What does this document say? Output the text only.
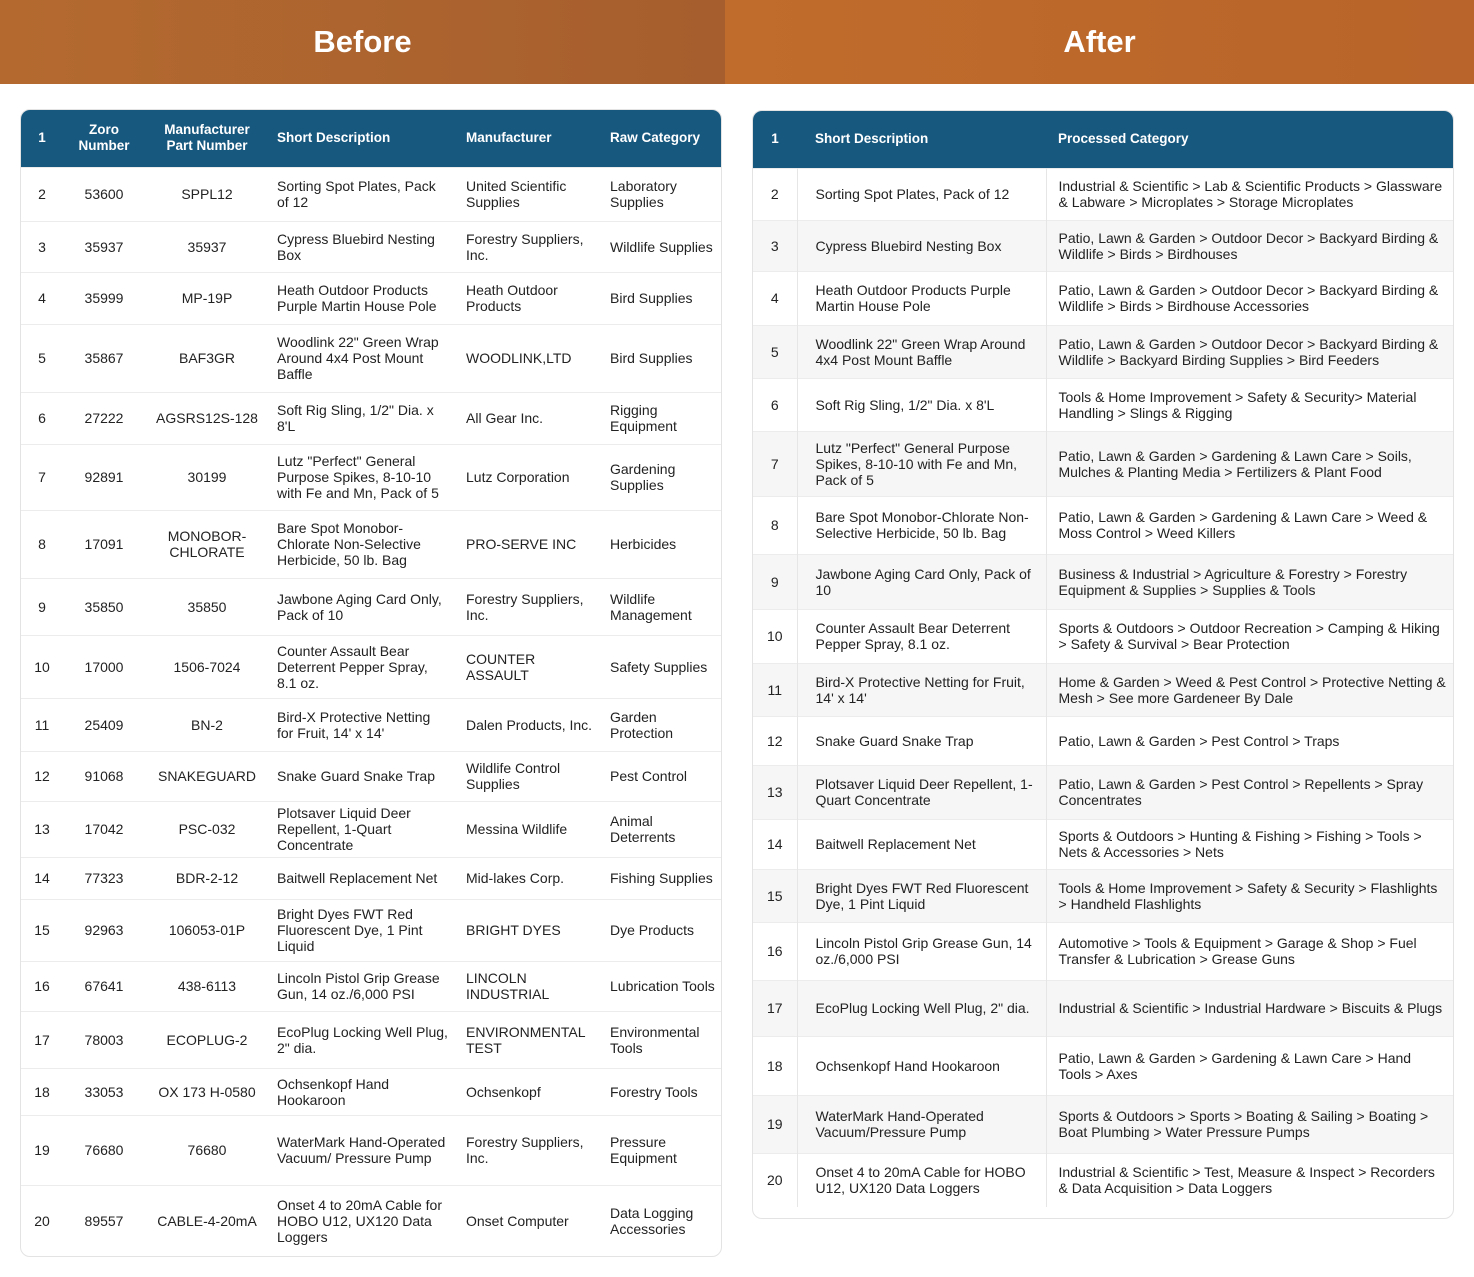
Before	After
1	Zoro Number	Manufacturer Part Number	Short Description	Manufacturer	Raw Category
2	53600	SPPL12	Sorting Spot Plates, Pack of 12	United Scientific Supplies	Laboratory Supplies
3	35937	35937	Cypress Bluebird Nesting Box	Forestry Suppliers, Inc.	Wildlife Supplies
4	35999	MP-19P	Heath Outdoor Products Purple Martin House Pole	Heath Outdoor Products	Bird Supplies
5	35867	BAF3GR	Woodlink 22" Green Wrap Around 4x4 Post Mount Baffle	WOODLINK,LTD	Bird Supplies
6	27222	AGSRS12S-128	Soft Rig Sling, 1/2" Dia. x 8'L	All Gear Inc.	Rigging Equipment
7	92891	30199	Lutz "Perfect" General Purpose Spikes, 8-10-10 with Fe and Mn, Pack of 5	Lutz Corporation	Gardening Supplies
8	17091	MONOBOR-CHLORATE	Bare Spot Monobor-Chlorate Non-Selective Herbicide, 50 lb. Bag	PRO-SERVE INC	Herbicides
9	35850	35850	Jawbone Aging Card Only, Pack of 10	Forestry Suppliers, Inc.	Wildlife Management
10	17000	1506-7024	Counter Assault Bear Deterrent Pepper Spray, 8.1 oz.	COUNTER ASSAULT	Safety Supplies
11	25409	BN-2	Bird-X Protective Netting for Fruit, 14' x 14'	Dalen Products, Inc.	Garden Protection
12	91068	SNAKEGUARD	Snake Guard Snake Trap	Wildlife Control Supplies	Pest Control
13	17042	PSC-032	Plotsaver Liquid Deer Repellent, 1-Quart Concentrate	Messina Wildlife	Animal Deterrents
14	77323	BDR-2-12	Baitwell Replacement Net	Mid-lakes Corp.	Fishing Supplies
15	92963	106053-01P	Bright Dyes FWT Red Fluorescent Dye, 1 Pint Liquid	BRIGHT DYES	Dye Products
16	67641	438-6113	Lincoln Pistol Grip Grease Gun, 14 oz./6,000 PSI	LINCOLN INDUSTRIAL	Lubrication Tools
17	78003	ECOPLUG-2	EcoPlug Locking Well Plug, 2" dia.	ENVIRONMENTAL TEST	Environmental Tools
18	33053	OX 173 H-0580	Ochsenkopf Hand Hookaroon	Ochsenkopf	Forestry Tools
19	76680	76680	WaterMark Hand-Operated Vacuum/ Pressure Pump	Forestry Suppliers, Inc.	Pressure Equipment
20	89557	CABLE-4-20mA	Onset 4 to 20mA Cable for HOBO U12, UX120 Data Loggers	Onset Computer	Data Logging Accessories
1	Short Description	Processed Category
2	Sorting Spot Plates, Pack of 12	Industrial & Scientific > Lab & Scientific Products > Glassware & Labware > Microplates > Storage Microplates
3	Cypress Bluebird Nesting Box	Patio, Lawn & Garden > Outdoor Decor > Backyard Birding & Wildlife > Birds > Birdhouses
4	Heath Outdoor Products Purple Martin House Pole	Patio, Lawn & Garden > Outdoor Decor > Backyard Birding & Wildlife > Birds > Birdhouse Accessories
5	Woodlink 22" Green Wrap Around 4x4 Post Mount Baffle	Patio, Lawn & Garden > Outdoor Decor > Backyard Birding & Wildlife > Backyard Birding Supplies > Bird Feeders
6	Soft Rig Sling, 1/2" Dia. x 8'L	Tools & Home Improvement > Safety & Security> Material Handling > Slings & Rigging
7	Lutz "Perfect" General Purpose Spikes, 8-10-10 with Fe and Mn, Pack of 5	Patio, Lawn & Garden > Gardening & Lawn Care > Soils, Mulches & Planting Media > Fertilizers & Plant Food
8	Bare Spot Monobor-Chlorate Non-Selective Herbicide, 50 lb. Bag	Patio, Lawn & Garden > Gardening & Lawn Care > Weed & Moss Control > Weed Killers
9	Jawbone Aging Card Only, Pack of 10	Business & Industrial > Agriculture & Forestry > Forestry Equipment & Supplies > Supplies & Tools
10	Counter Assault Bear Deterrent Pepper Spray, 8.1 oz.	Sports & Outdoors > Outdoor Recreation > Camping & Hiking > Safety & Survival > Bear Protection
11	Bird-X Protective Netting for Fruit, 14' x 14'	Home & Garden > Weed & Pest Control > Protective Netting & Mesh > See more Gardeneer By Dale
12	Snake Guard Snake Trap	Patio, Lawn & Garden > Pest Control > Traps
13	Plotsaver Liquid Deer Repellent, 1-Quart Concentrate	Patio, Lawn & Garden > Pest Control > Repellents > Spray Concentrates
14	Baitwell Replacement Net	Sports & Outdoors > Hunting & Fishing > Fishing > Tools > Nets & Accessories > Nets
15	Bright Dyes FWT Red Fluorescent Dye, 1 Pint Liquid	Tools & Home Improvement > Safety & Security > Flashlights > Handheld Flashlights
16	Lincoln Pistol Grip Grease Gun, 14 oz./6,000 PSI	Automotive > Tools & Equipment > Garage & Shop > Fuel Transfer & Lubrication > Grease Guns
17	EcoPlug Locking Well Plug, 2" dia.	Industrial & Scientific > Industrial Hardware > Biscuits & Plugs
18	Ochsenkopf Hand Hookaroon	Patio, Lawn & Garden > Gardening & Lawn Care > Hand Tools > Axes
19	WaterMark Hand-Operated Vacuum/Pressure Pump	Sports & Outdoors > Sports > Boating & Sailing > Boating > Boat Plumbing > Water Pressure Pumps
20	Onset 4 to 20mA Cable for HOBO U12, UX120 Data Loggers	Industrial & Scientific > Test, Measure & Inspect > Recorders & Data Acquisition > Data Loggers
